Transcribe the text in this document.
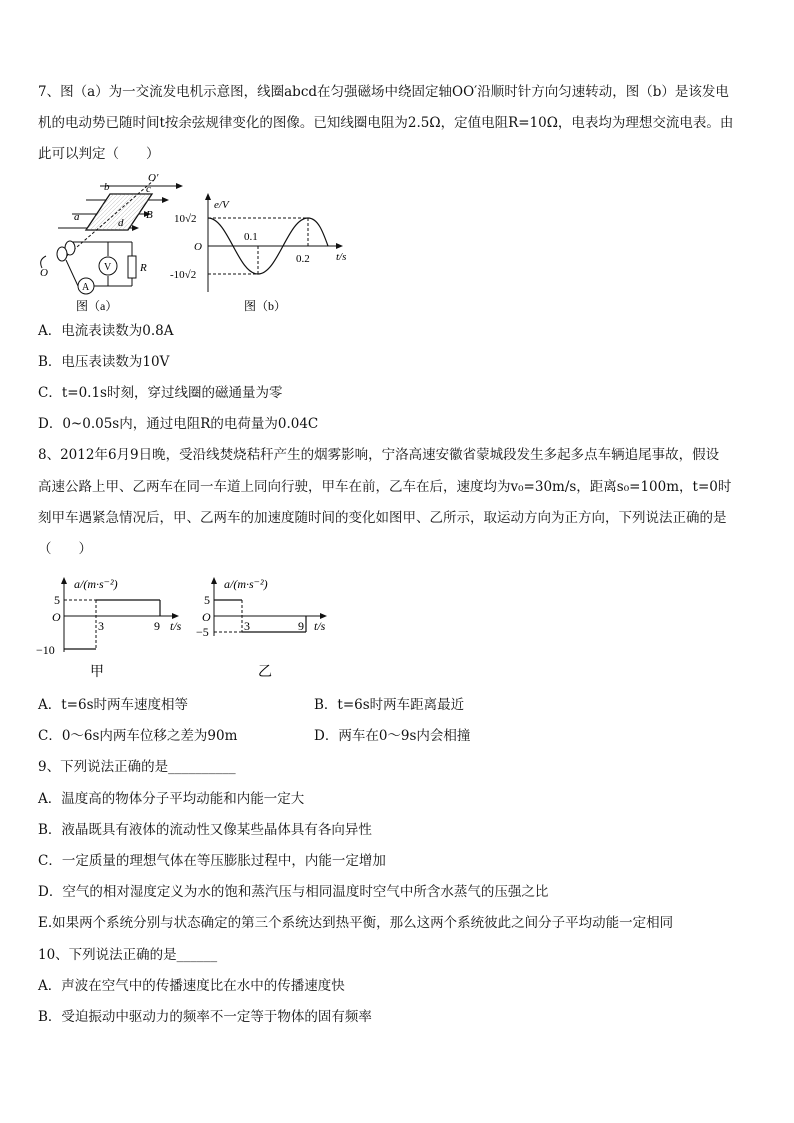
7、图（a）为一交流发电机示意图，线圈abcd在匀强磁场中绕固定轴OO′沿顺时针方向匀速转动，图（b）是该发电
机的电动势已随时间t按余弦规律变化的图像。已知线圈电阻为2.5Ω，定值电阻R=10Ω，电表均为理想交流电表。由
此可以判定（　　）
O′
b	c
B
a	d
V	R
A
O
图（a）
e/V
10√2
O
-10√2
0.1
0.2 t/s
图（b）
A．电流表读数为0.8A
B．电压表读数为10V
C．t=0.1s时刻，穿过线圈的磁通量为零
D．0~0.05s内，通过电阻R的电荷量为0.04C
8、2012年6月9日晚，受沿线焚烧秸秆产生的烟雾影响，宁洛高速安徽省蒙城段发生多起多点车辆追尾事故，假设
高速公路上甲、乙两车在同一车道上同向行驶，甲车在前，乙车在后，速度均为v₀=30m/s，距离s₀=100m，t=0时
刻甲车遇紧急情况后，甲、乙两车的加速度随时间的变化如图甲、乙所示，取运动方向为正方向，下列说法正确的是
（　　）
a/(m·s⁻²)
5
O
−10
3	9 t/s
甲
a/(m·s⁻²)
5
O
−5	3	9 t/s
乙
A．t=6s时两车速度相等	B．t=6s时两车距离最近
C．0～6s内两车位移之差为90m	D．两车在0～9s内会相撞
9、下列说法正确的是__________
A．温度高的物体分子平均动能和内能一定大
B．液晶既具有液体的流动性又像某些晶体具有各向异性
C．一定质量的理想气体在等压膨胀过程中，内能一定增加
D．空气的相对湿度定义为水的饱和蒸汽压与相同温度时空气中所含水蒸气的压强之比
E.如果两个系统分别与状态确定的第三个系统达到热平衡，那么这两个系统彼此之间分子平均动能一定相同
10、下列说法正确的是______
A．声波在空气中的传播速度比在水中的传播速度快
B．受迫振动中驱动力的频率不一定等于物体的固有频率
